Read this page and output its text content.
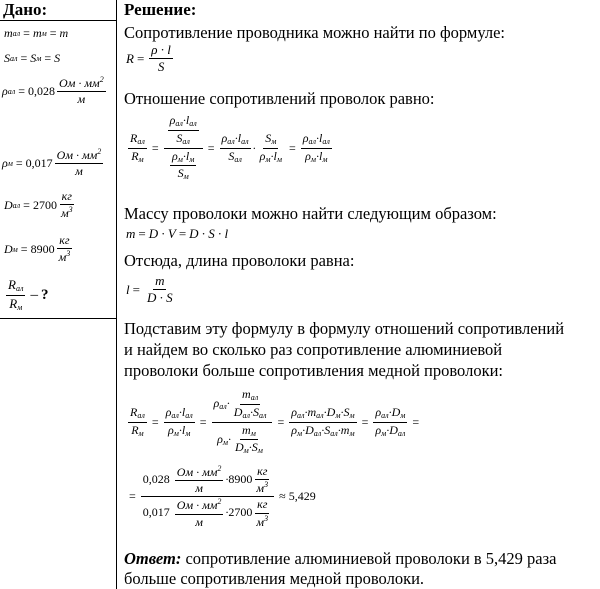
Дано:
m ал = m м = m
S ал = S м = S
ρ ал = $0,028 \frac{Ом \cdot мм^2}{м}$
ρ $м = 0,017 \frac{Ом \cdot мм^2}{м}$
D ал = $2700 \frac{кг}{м^3}$
D $м = 8900 \frac{кг}{м^3}$
$\frac{R_{ал}}{R_м}$ – ?
Решение:
Сопротивление проводника можно найти по формуле:
$R = \frac{\rho \cdot l}{S}$
Отношение сопротивлений проволок равно:
$\frac{R_{ал}}{R_м} = \frac{\frac{\rho_{ал}\cdot l_{ал}}{S_{ал}}}{\frac{\rho_м\cdot l_м}{S_м}} = \frac{\rho_{ал}\cdot l_{ал}}{S_{ал}} \cdot \frac{S_м}{\rho_м\cdot l_м} = \frac{\rho_{ал}\cdot l_{ал}}{\rho_м\cdot l_м}$
Массу проволоки можно найти следующим образом:
m = D · V = D · S · l
Отсюда, длина проволоки равна:
$l = \frac{m}{D \cdot S}$
Подставим эту формулу в формулу отношений сопротивлений
и найдем во сколько раз сопротивление алюминиевой
проволоки больше сопротивления медной проволоки:
$\frac{R_{ал}}{R_м} = \frac{\rho_{ал}\cdot l_{ал}}{\rho_м\cdot l_м} = \frac{\rho_{ал}\cdot \frac{m_{ал}}{D_{ал}\cdot S_{ал}}}{\rho_м\cdot \frac{m_м}{D_м\cdot S_м}} = \frac{\rho_{ал}\cdot m_{ал}\cdot D_м\cdot S_м}{\rho_м\cdot D_{ал}\cdot S_{ал}\cdot m_м} = \frac{\rho_{ал}\cdot D_м}{\rho_м\cdot D_{ал}}$ =
= $\frac{0,028 \frac{Ом \cdot мм^2}{м} \cdot 8900 \frac{кг}{м^3}}{0,017 \frac{Ом \cdot мм^2}{м} \cdot 2700 \frac{кг}{м^3}} \approx 5,429$
Ответ: сопротивление алюминиевой проволоки в 5,429 раза
больше сопротивления медной проволоки.
